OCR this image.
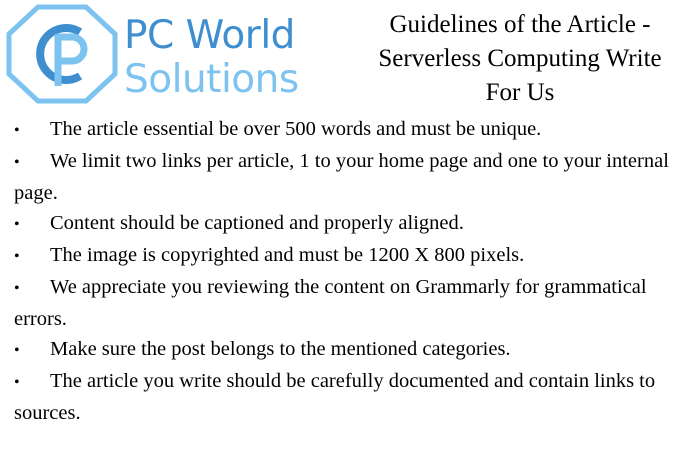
PC World
Solutions
Guidelines of the Article -
Serverless Computing Write
For Us
• The article essential be over 500 words and must be unique.
• We limit two links per article, 1 to your home page and one to your internal page.
• Content should be captioned and properly aligned.
• The image is copyrighted and must be 1200 X 800 pixels.
• We appreciate you reviewing the content on Grammarly for grammatical errors.
• Make sure the post belongs to the mentioned categories.
• The article you write should be carefully documented and contain links to sources.
